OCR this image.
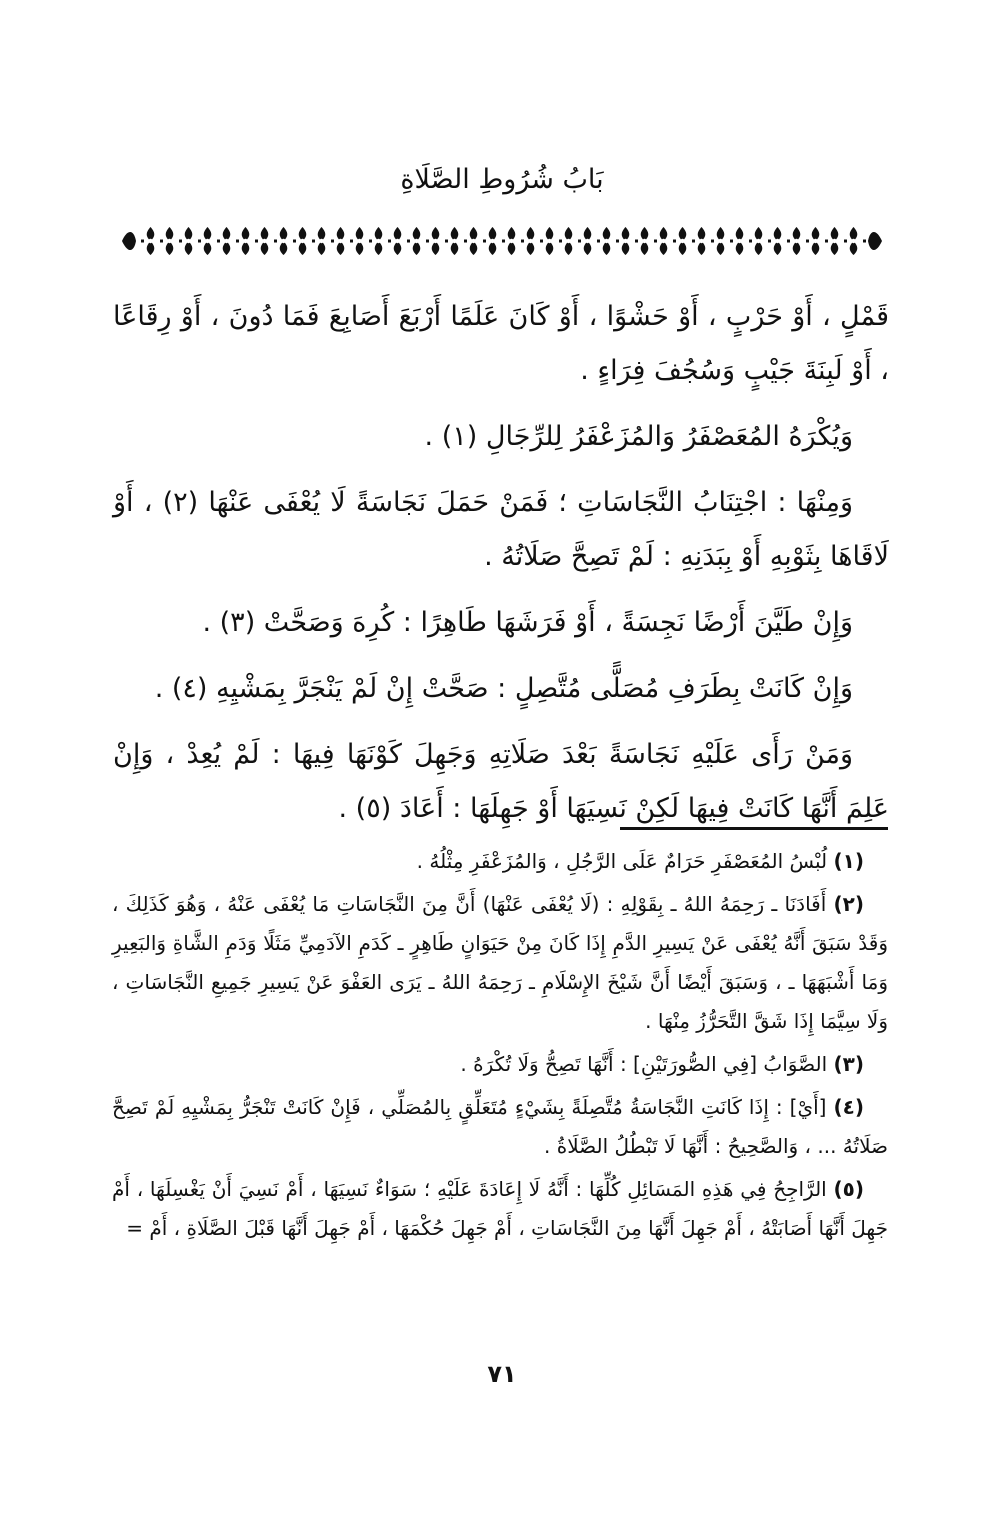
بَابُ شُرُوطِ الصَّلَاةِ

قَمْلٍ ، أَوْ حَرْبٍ ، أَوْ حَشْوًا ، أَوْ كَانَ عَلَمًا أَرْبَعَ أَصَابِعَ فَمَا دُونَ ، أَوْ رِقَاعًا ، أَوْ لَبِنَةَ جَيْبٍ وَسُجُفَ فِرَاءٍ .

وَيُكْرَهُ المُعَصْفَرُ وَالمُزَعْفَرُ لِلرِّجَالِ (١) .

وَمِنْهَا : اجْتِنَابُ النَّجَاسَاتِ ؛ فَمَنْ حَمَلَ نَجَاسَةً لَا يُعْفَى عَنْهَا (٢) ، أَوْ لَاقَاهَا بِثَوْبِهِ أَوْ بِبَدَنِهِ : لَمْ تَصِحَّ صَلَاتُهُ .

وَإِنْ طَيَّنَ أَرْضًا نَجِسَةً ، أَوْ فَرَشَهَا طَاهِرًا : كُرِهَ وَصَحَّتْ (٣) .

وَإِنْ كَانَتْ بِطَرَفِ مُصَلًّى مُتَّصِلٍ : صَحَّتْ إِنْ لَمْ يَنْجَرَّ بِمَشْيِهِ (٤) .

وَمَنْ رَأَى عَلَيْهِ نَجَاسَةً بَعْدَ صَلَاتِهِ وَجَهِلَ كَوْنَهَا فِيهَا : لَمْ يُعِدْ ، وَإِنْ عَلِمَ أَنَّهَا كَانَتْ فِيهَا لَكِنْ نَسِيَهَا أَوْ جَهِلَهَا : أَعَادَ (٥) .

(١) لُبْسُ المُعَصْفَرِ حَرَامٌ عَلَى الرَّجُلِ ، وَالمُزَعْفَرِ مِثْلُهُ .

(٢) أَفَادَنَا ـ رَحِمَهُ اللهُ ـ بِقَوْلِهِ : (لَا يُعْفَى عَنْهَا) أَنَّ مِنَ النَّجَاسَاتِ مَا يُعْفَى عَنْهُ ، وَهُوَ كَذَلِكَ ، وَقَدْ سَبَقَ أَنَّهُ يُعْفَى عَنْ يَسِيرِ الدَّمِ إِذَا كَانَ مِنْ حَيَوَانٍ طَاهِرٍ ـ كَدَمِ الآدَمِيِّ مَثَلًا وَدَمِ الشَّاةِ وَالبَعِيرِ وَمَا أَشْبَهَهَا ـ ، وَسَبَقَ أَيْضًا أَنَّ شَيْخَ الإِسْلَامِ ـ رَحِمَهُ اللهُ ـ يَرَى العَفْوَ عَنْ يَسِيرِ جَمِيعِ النَّجَاسَاتِ ، وَلَا سِيَّمَا إِذَا شَقَّ التَّحَرُّزُ مِنْهَا .

(٣) الصَّوَابُ [فِي الصُّورَتَيْنِ] : أَنَّهَا تَصِحُّ وَلَا تُكْرَهُ .

(٤) [أَيْ] : إِذَا كَانَتِ النَّجَاسَةُ مُتَّصِلَةً بِشَيْءٍ مُتَعَلِّقٍ بِالمُصَلِّي ، فَإِنْ كَانَتْ تَنْجَرُّ بِمَشْيِهِ لَمْ تَصِحَّ صَلَاتُهُ ... ، وَالصَّحِيحُ : أَنَّهَا لَا تَبْطُلُ الصَّلَاةُ .

(٥) الرَّاجِحُ فِي هَذِهِ المَسَائِلِ كُلِّهَا : أَنَّهُ لَا إِعَادَةَ عَلَيْهِ ؛ سَوَاءٌ نَسِيَهَا ، أَمْ نَسِيَ أَنْ يَغْسِلَهَا ، أَمْ جَهِلَ أَنَّهَا أَصَابَتْهُ ، أَمْ جَهِلَ أَنَّهَا مِنَ النَّجَاسَاتِ ، أَمْ جَهِلَ حُكْمَهَا ، أَمْ جَهِلَ أَنَّهَا قَبْلَ الصَّلَاةِ ، أَمْ =

٧١
